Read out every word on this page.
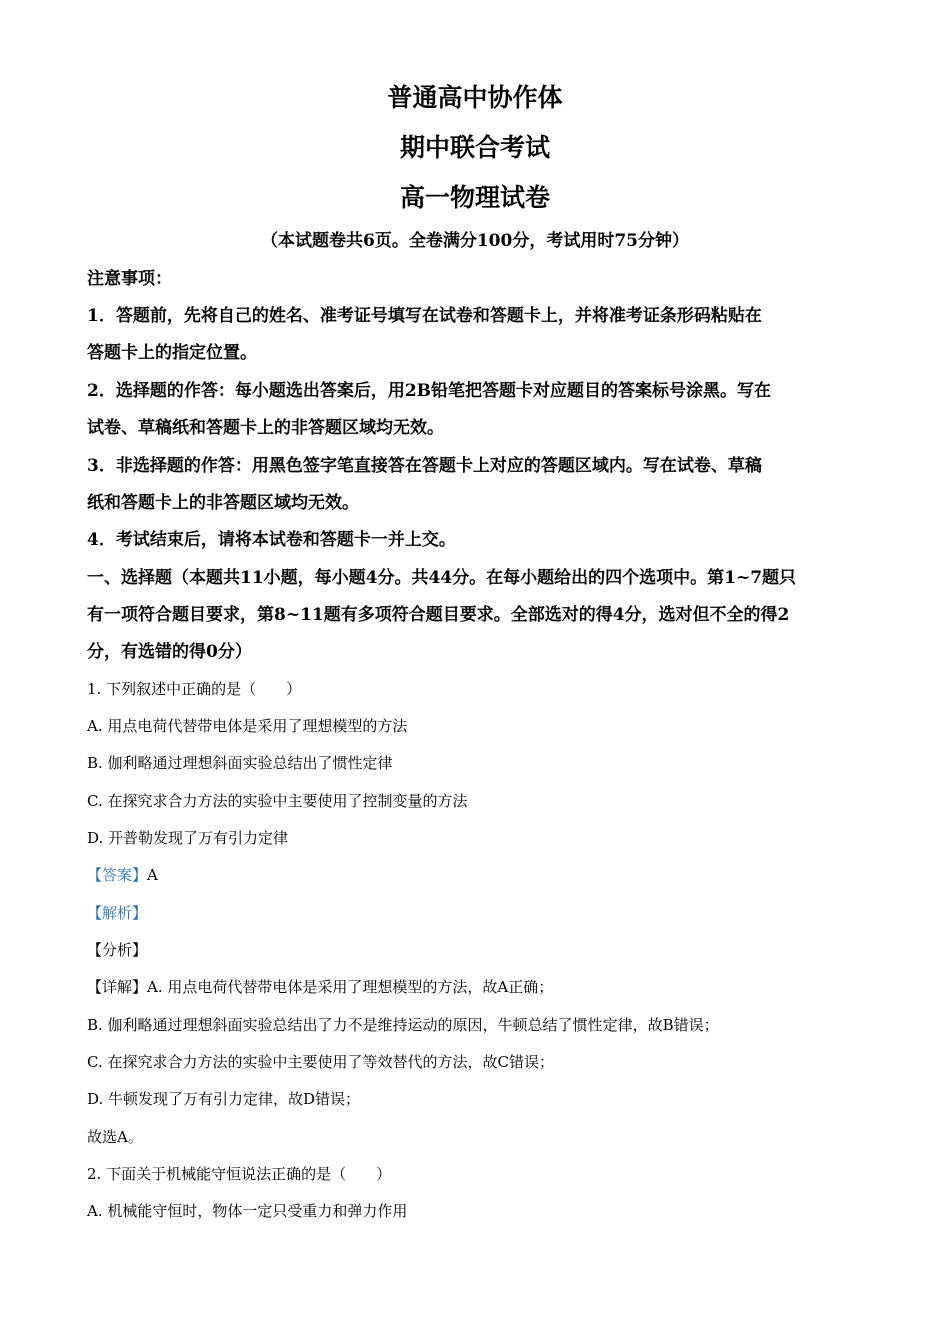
普通高中协作体
期中联合考试
高一物理试卷
（本试题卷共6页。全卷满分100分，考试用时75分钟）
注意事项：
1．答题前，先将自己的姓名、准考证号填写在试卷和答题卡上，并将准考证条形码粘贴在
答题卡上的指定位置。
2．选择题的作答：每小题选出答案后，用2B铅笔把答题卡对应题目的答案标号涂黑。写在
试卷、草稿纸和答题卡上的非答题区域均无效。
3．非选择题的作答：用黑色签字笔直接答在答题卡上对应的答题区域内。写在试卷、草稿
纸和答题卡上的非答题区域均无效。
4．考试结束后，请将本试卷和答题卡一并上交。
一、选择题（本题共11小题，每小题4分。共44分。在每小题给出的四个选项中。第1~7题只
有一项符合题目要求，第8~11题有多项符合题目要求。全部选对的得4分，选对但不全的得2
分，有选错的得0分）
1. 下列叙述中正确的是（　　）
A. 用点电荷代替带电体是采用了理想模型的方法
B. 伽利略通过理想斜面实验总结出了惯性定律
C. 在探究求合力方法的实验中主要使用了控制变量的方法
D. 开普勒发现了万有引力定律
【答案】A
【解析】
【分析】
【详解】A. 用点电荷代替带电体是采用了理想模型的方法，故A正确；
B. 伽利略通过理想斜面实验总结出了力不是维持运动的原因，牛顿总结了惯性定律，故B错误；
C. 在探究求合力方法的实验中主要使用了等效替代的方法，故C错误；
D. 牛顿发现了万有引力定律，故D错误；
故选A。
2. 下面关于机械能守恒说法正确的是（　　）
A. 机械能守恒时，物体一定只受重力和弹力作用
